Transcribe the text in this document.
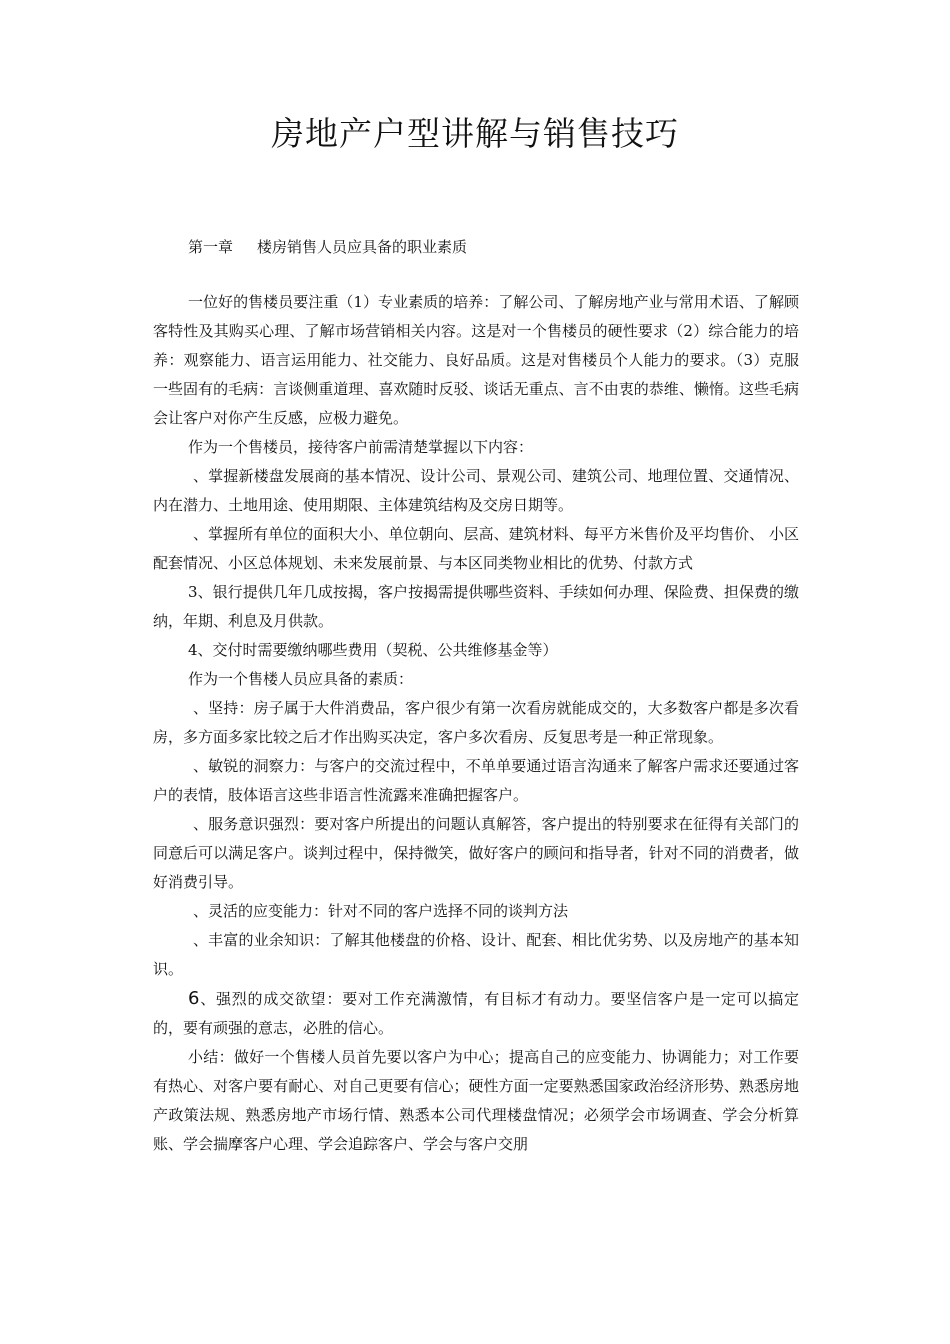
房地产户型讲解与销售技巧
第一章 楼房销售人员应具备的职业素质

一位好的售楼员要注重（1）专业素质的培养：了解公司、了解房地产业与常用术语、了解顾客特性及其购买心理、了解市场营销相关内容。这是对一个售楼员的硬性要求（2）综合能力的培养：观察能力、语言运用能力、社交能力、良好品质。这是对售楼员个人能力的要求。（3）克服一些固有的毛病：言谈侧重道理、喜欢随时反驳、谈话无重点、言不由衷的恭维、懒惰。这些毛病会让客户对你产生反感，应极力避免。

作为一个售楼员，接待客户前需清楚掌握以下内容：

、掌握新楼盘发展商的基本情况、设计公司、景观公司、建筑公司、地理位置、交通情况、内在潜力、土地用途、使用期限、主体建筑结构及交房日期等。

、掌握所有单位的面积大小、单位朝向、层高、建筑材料、每平方米售价及平均售价、 小区配套情况、小区总体规划、未来发展前景、与本区同类物业相比的优势、付款方式

3、银行提供几年几成按揭，客户按揭需提供哪些资料、手续如何办理、保险费、担保费的缴纳，年期、利息及月供款。

4、交付时需要缴纳哪些费用（契税、公共维修基金等）

作为一个售楼人员应具备的素质：

、坚持：房子属于大件消费品，客户很少有第一次看房就能成交的，大多数客户都是多次看房，多方面多家比较之后才作出购买决定，客户多次看房、反复思考是一种正常现象。

、敏锐的洞察力：与客户的交流过程中，不单单要通过语言沟通来了解客户需求还要通过客户的表情，肢体语言这些非语言性流露来准确把握客户。

、服务意识强烈：要对客户所提出的问题认真解答，客户提出的特别要求在征得有关部门的同意后可以满足客户。谈判过程中，保持微笑，做好客户的顾问和指导者，针对不同的消费者，做好消费引导。

、灵活的应变能力：针对不同的客户选择不同的谈判方法

、丰富的业余知识：了解其他楼盘的价格、设计、配套、相比优劣势、以及房地产的基本知识。

6、强烈的成交欲望：要对工作充满激情，有目标才有动力。要坚信客户是一定可以搞定的，要有顽强的意志，必胜的信心。

小结：做好一个售楼人员首先要以客户为中心；提高自己的应变能力、协调能力；对工作要有热心、对客户要有耐心、对自己更要有信心；硬性方面一定要熟悉国家政治经济形势、熟悉房地产政策法规、熟悉房地产市场行情、熟悉本公司代理楼盘情况；必须学会市场调查、学会分析算账、学会揣摩客户心理、学会追踪客户、学会与客户交朋
